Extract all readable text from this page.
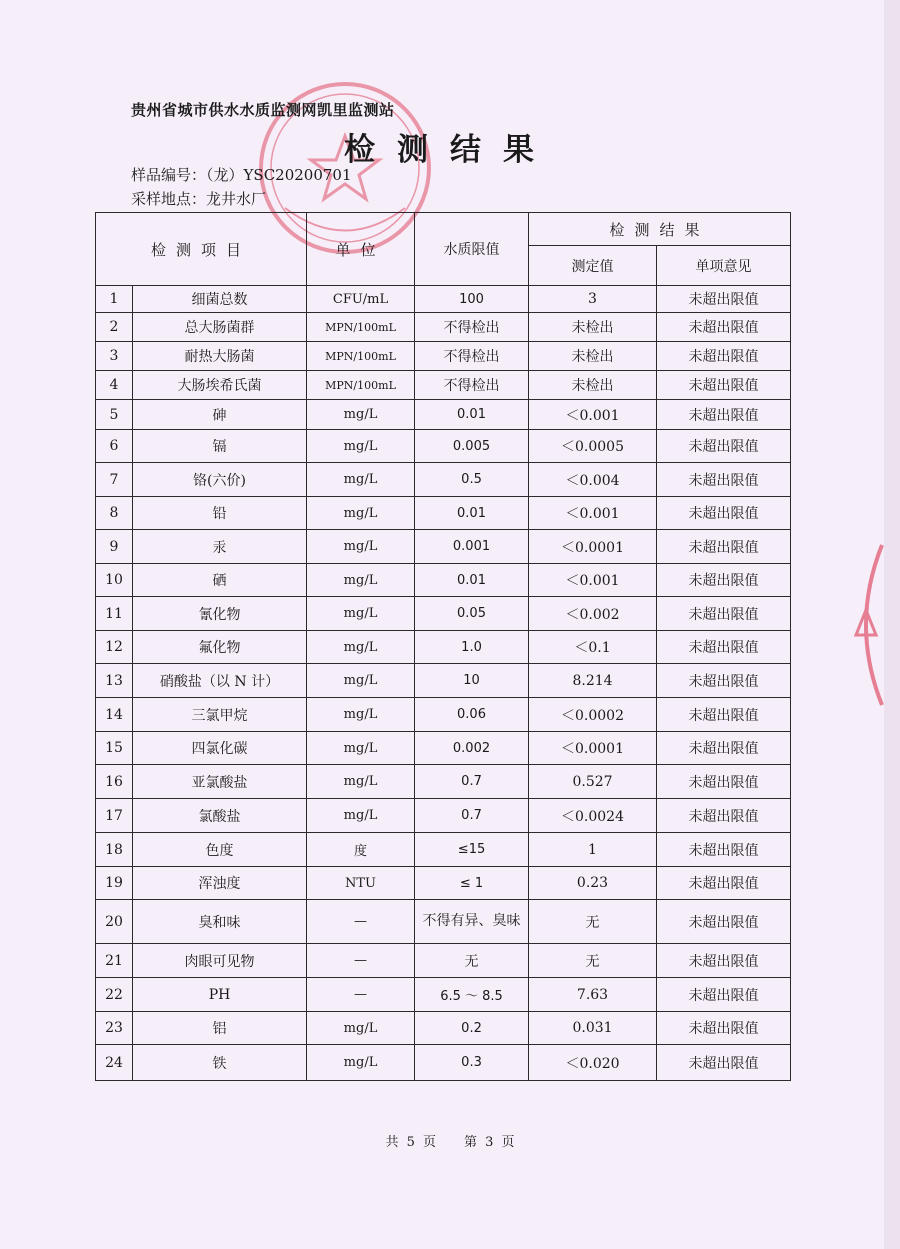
贵州省城市供水水质监测网凯里监测站
检测结果
样品编号：（龙）YSC20200701
采样地点：龙井水厂
检测项目		单位	水质限值	检测结果	
				测定值	单项意见
1	细菌总数	CFU/mL	100	3	未超出限值
2	总大肠菌群	MPN/100mL	不得检出	未检出	未超出限值
3	耐热大肠菌	MPN/100mL	不得检出	未检出	未超出限值
4	大肠埃希氏菌	MPN/100mL	不得检出	未检出	未超出限值
5	砷	mg/L	0.01	＜0.001	未超出限值
6	镉	mg/L	0.005	＜0.0005	未超出限值
7	铬(六价)	mg/L	0.5	＜0.004	未超出限值
8	铅	mg/L	0.01	＜0.001	未超出限值
9	汞	mg/L	0.001	＜0.0001	未超出限值
10	硒	mg/L	0.01	＜0.001	未超出限值
11	氰化物	mg/L	0.05	＜0.002	未超出限值
12	氟化物	mg/L	1.0	＜0.1	未超出限值
13	硝酸盐（以 N 计）	mg/L	10	8.214	未超出限值
14	三氯甲烷	mg/L	0.06	＜0.0002	未超出限值
15	四氯化碳	mg/L	0.002	＜0.0001	未超出限值
16	亚氯酸盐	mg/L	0.7	0.527	未超出限值
17	氯酸盐	mg/L	0.7	＜0.0024	未超出限值
18	色度	度	≤15	1	未超出限值
19	浑浊度	NTU	≤ 1	0.23	未超出限值
20	臭和味	—	不得有异、臭味	无	未超出限值
21	肉眼可见物	—	无	无	未超出限值
22	PH	—	6.5 ～ 8.5	7.63	未超出限值
23	铝	mg/L	0.2	0.031	未超出限值
24	铁	mg/L	0.3	＜0.020	未超出限值
共 5 页 第 3 页
